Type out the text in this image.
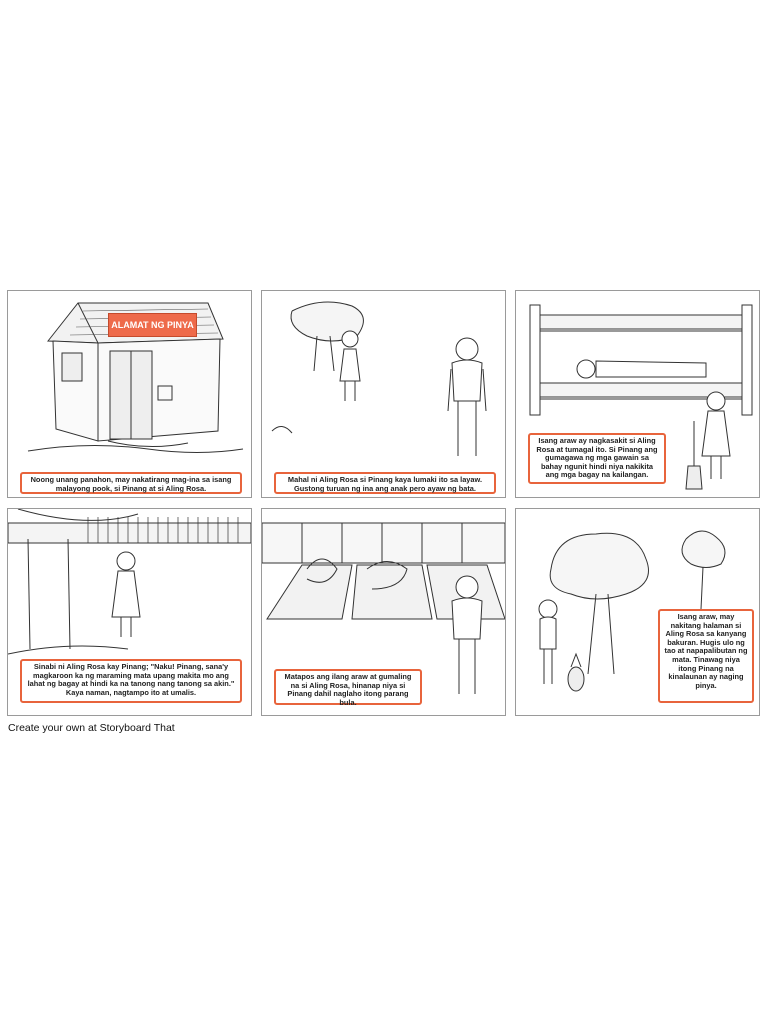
ALAMAT NG PINYA
Noong unang panahon, may nakatirang mag-ina sa isang malayong pook, si Pinang at si Aling Rosa.
Mahal ni Aling Rosa si Pinang kaya lumaki ito sa layaw. Gustong turuan ng ina ang anak pero ayaw ng bata.
Isang araw ay nagkasakit si Aling Rosa at tumagal ito. Si Pinang ang gumagawa ng mga gawain sa bahay ngunit hindi niya nakikita ang mga bagay na kailangan.
Sinabi ni Aling Rosa kay Pinang; "Naku! Pinang, sana'y magkaroon ka ng maraming mata upang makita mo ang lahat ng bagay at hindi ka na tanong nang tanong sa akin." Kaya naman, nagtampo ito at umalis.
Matapos ang ilang araw at gumaling na si Aling Rosa, hinanap niya si Pinang dahil naglaho itong parang bula.
Isang araw, may nakitang halaman si Aling Rosa sa kanyang bakuran. Hugis ulo ng tao at napapalibutan ng mata. Tinawag niya itong Pinang na kinalaunan ay naging pinya.
Create your own at Storyboard That
